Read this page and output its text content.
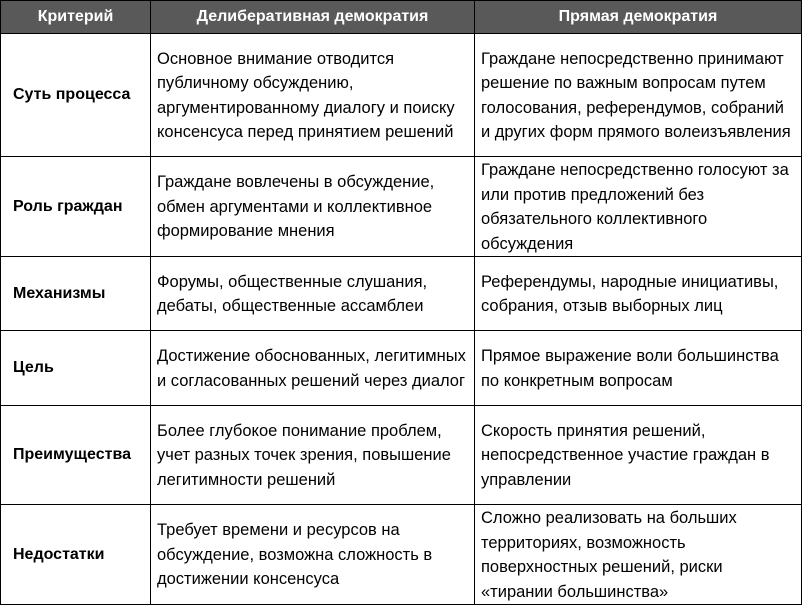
Критерий	Делиберативная демократия	Прямая демократия
Суть процесса	Основное внимание отводится публичному обсуждению, аргументированному диалогу и поиску консенсуса перед принятием решений	Граждане непосредственно принимают решение по важным вопросам путем голосования, референдумов, собраний и других форм прямого волеизъявления
Роль граждан	Граждане вовлечены в обсуждение, обмен аргументами и коллективное формирование мнения	Граждане непосредственно голосуют за или против предложений без обязательного коллективного обсуждения
Механизмы	Форумы, общественные слушания, дебаты, общественные ассамблеи	Референдумы, народные инициативы, собрания, отзыв выборных лиц
Цель	Достижение обоснованных, легитимных и согласованных решений через диалог	Прямое выражение воли большинства по конкретным вопросам
Преимущества	Более глубокое понимание проблем, учет разных точек зрения, повышение легитимности решений	Скорость принятия решений, непосредственное участие граждан в управлении
Недостатки	Требует времени и ресурсов на обсуждение, возможна сложность в достижении консенсуса	Сложно реализовать на больших территориях, возможность поверхностных решений, риски «тирании большинства»
